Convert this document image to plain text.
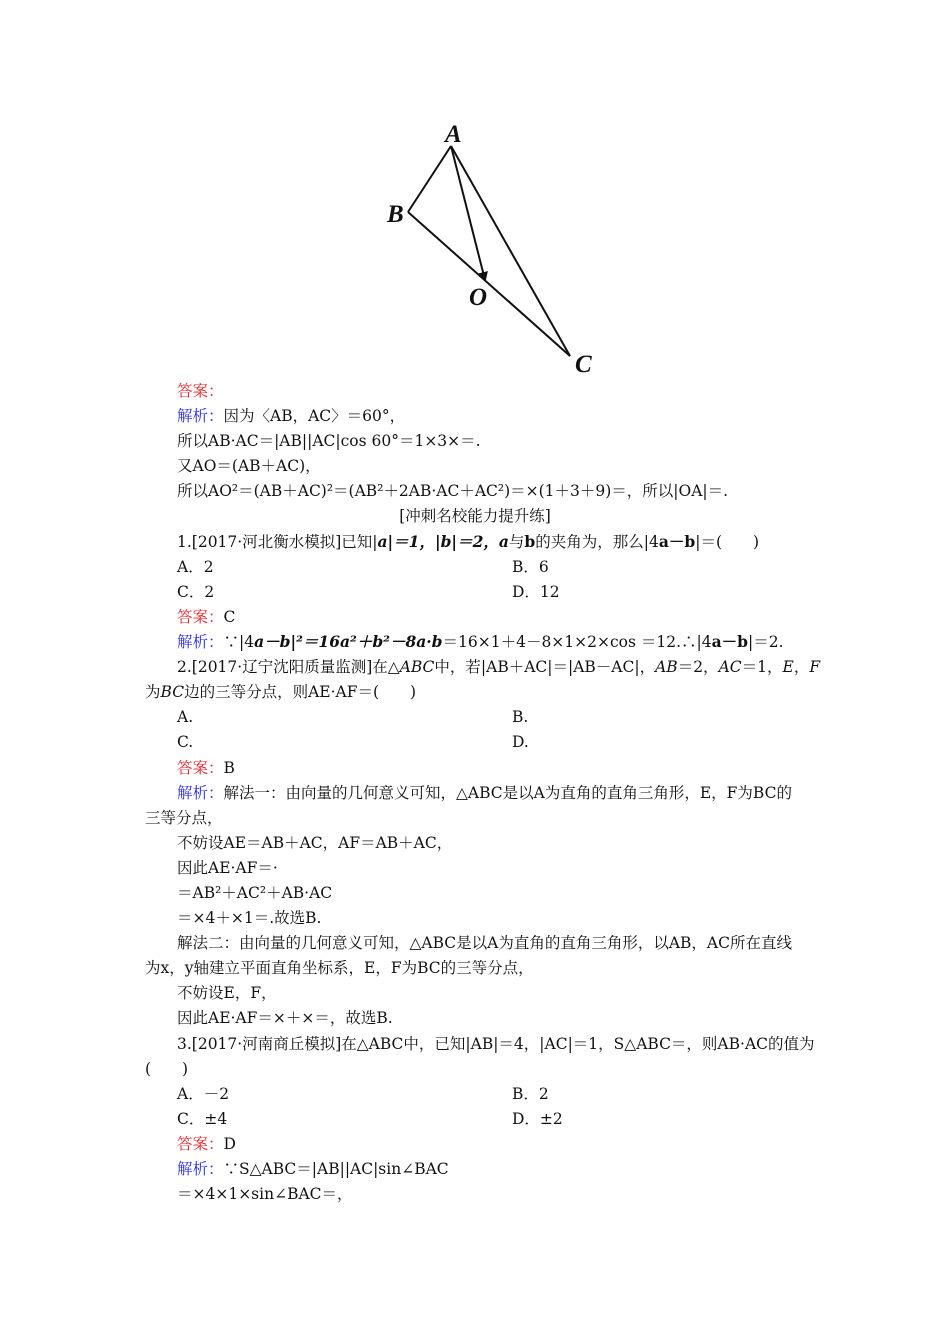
A
B
O
C
答案：
解析：因为〈AB，AC〉＝60°，
所以AB·AC＝|AB||AC|cos 60°＝1×3×＝.
又AO＝(AB＋AC)，
所以AO²＝(AB＋AC)²＝(AB²＋2AB·AC＋AC²)＝×(1＋3＋9)＝，所以|OA|＝.
[冲刺名校能力提升练]
1.[2017·河北衡水模拟]已知|a|＝1，|b|＝2，a与b的夹角为，那么|4a－b|＝(　　)
A．2	B．6
C．2	D．12
答案：C
解析：∵|4a－b|²＝16a²＋b²－8a·b＝16×1＋4－8×1×2×cos ＝12.∴|4a－b|＝2.
2.[2017·辽宁沈阳质量监测]在△ABC中，若|AB＋AC|＝|AB－AC|，AB＝2，AC＝1，E，F
为BC边的三等分点，则AE·AF＝(　　)
A.	B.
C.	D.
答案：B
解析：解法一：由向量的几何意义可知，△ABC是以A为直角的直角三角形，E，F为BC的
三等分点，
不妨设AE＝AB＋AC，AF＝AB＋AC，
因此AE·AF＝·
＝AB²＋AC²＋AB·AC
＝×4＋×1＝.故选B.
解法二：由向量的几何意义可知，△ABC是以A为直角的直角三角形，以AB，AC所在直线
为x，y轴建立平面直角坐标系，E，F为BC的三等分点，
不妨设E，F，
因此AE·AF＝×＋×＝，故选B.
3.[2017·河南商丘模拟]在△ABC中，已知|AB|＝4，|AC|＝1，S△ABC＝，则AB·AC的值为
(　　)
A．－2	B．2
C．±4	D．±2
答案：D
解析：∵S△ABC＝|AB||AC|sin∠BAC
＝×4×1×sin∠BAC＝，
